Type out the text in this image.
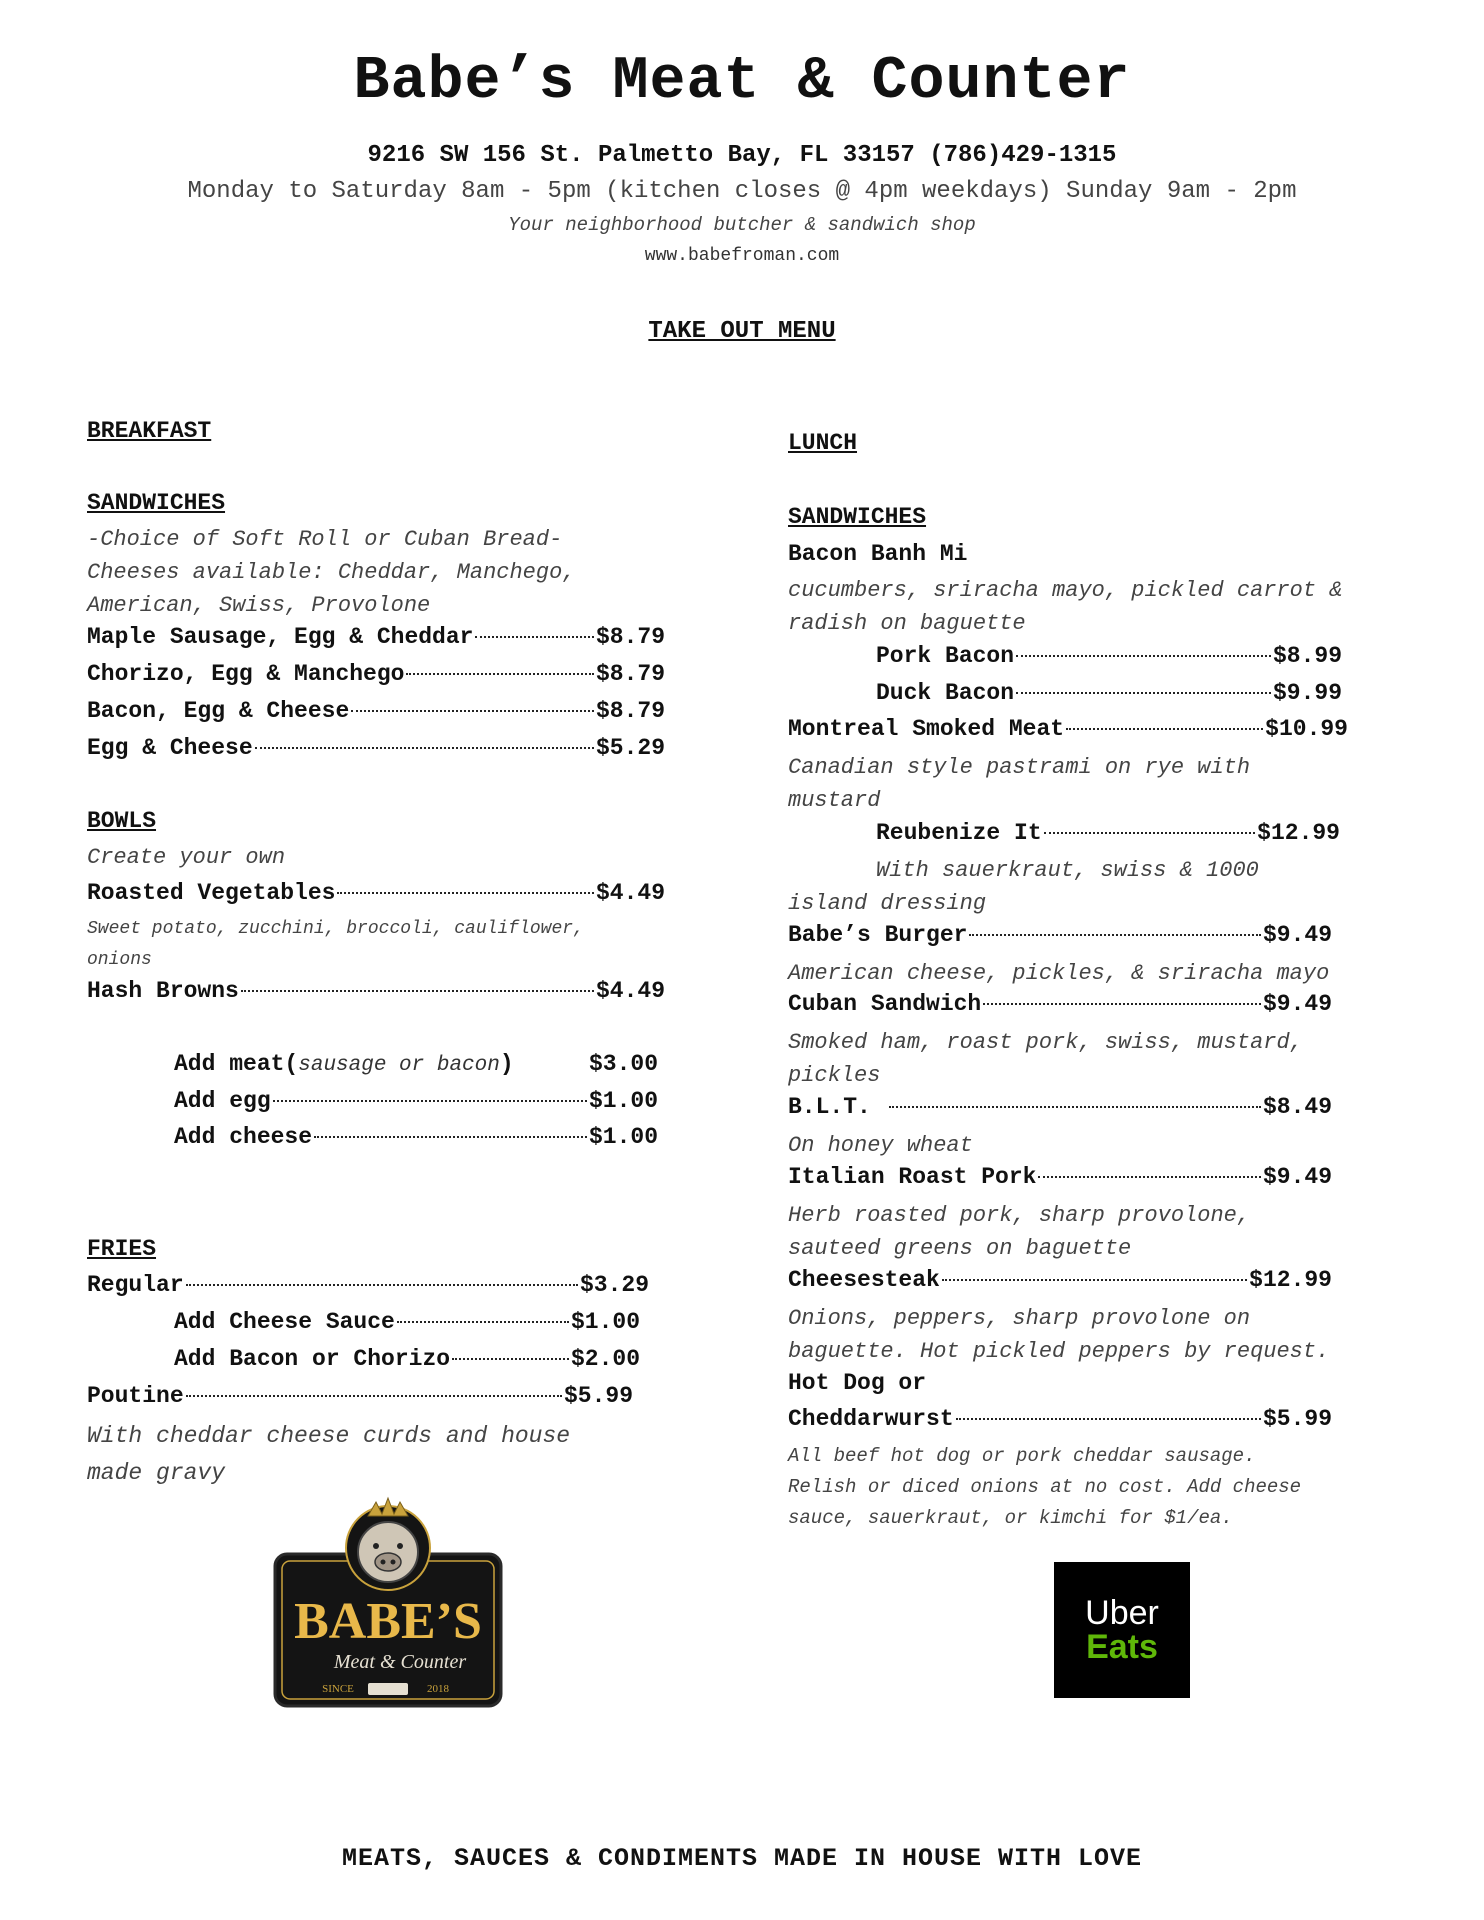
Babe’s Meat & Counter
9216 SW 156 St. Palmetto Bay, FL 33157 (786)429-1315
Monday to Saturday 8am - 5pm (kitchen closes @ 4pm weekdays) Sunday 9am - 2pm
Your neighborhood butcher & sandwich shop
www.babefroman.com
TAKE OUT MENU
BREAKFAST
SANDWICHES
-Choice of Soft Roll or Cuban Bread-
Cheeses available: Cheddar, Manchego,
American, Swiss, Provolone
Maple Sausage, Egg & Cheddar	$8.79
Chorizo, Egg & Manchego	$8.79
Bacon, Egg & Cheese	$8.79
Egg & Cheese	$5.29
BOWLS
Create your own
Roasted Vegetables	$4.49
Sweet potato, zucchini, broccoli, cauliflower,
onions
Hash Browns	$4.49
Add meat( sausage or bacon )	$3.00
Add egg	$1.00
Add cheese	$1.00
FRIES
Regular	$3.29
Add Cheese Sauce	$1.00
Add Bacon or Chorizo	$2.00
Poutine	$5.99
With cheddar cheese curds and house
made gravy
BABE’S
Meat & Counter
SINCE	2018
LUNCH
SANDWICHES
Bacon Banh Mi
cucumbers, sriracha mayo, pickled carrot &
radish on baguette
Pork Bacon	$8.99
Duck Bacon	$9.99
Montreal Smoked Meat	$10.99
Canadian style pastrami on rye with
mustard
Reubenize It	$12.99
With sauerkraut, swiss & 1000
island dressing
Babe’s Burger	$9.49
American cheese, pickles, & sriracha mayo
Cuban Sandwich	$9.49
Smoked ham, roast pork, swiss, mustard,
pickles
B.L.T.	$8.49
On honey wheat
Italian Roast Pork	$9.49
Herb roasted pork, sharp provolone,
sauteed greens on baguette
Cheesesteak	$12.99
Onions, peppers, sharp provolone on
baguette. Hot pickled peppers by request.
Hot Dog or
Cheddarwurst	$5.99
All beef hot dog or pork cheddar sausage.
Relish or diced onions at no cost. Add cheese
sauce, sauerkraut, or kimchi for $1/ea.
Uber
Eats
MEATS, SAUCES & CONDIMENTS MADE IN HOUSE WITH LOVE
